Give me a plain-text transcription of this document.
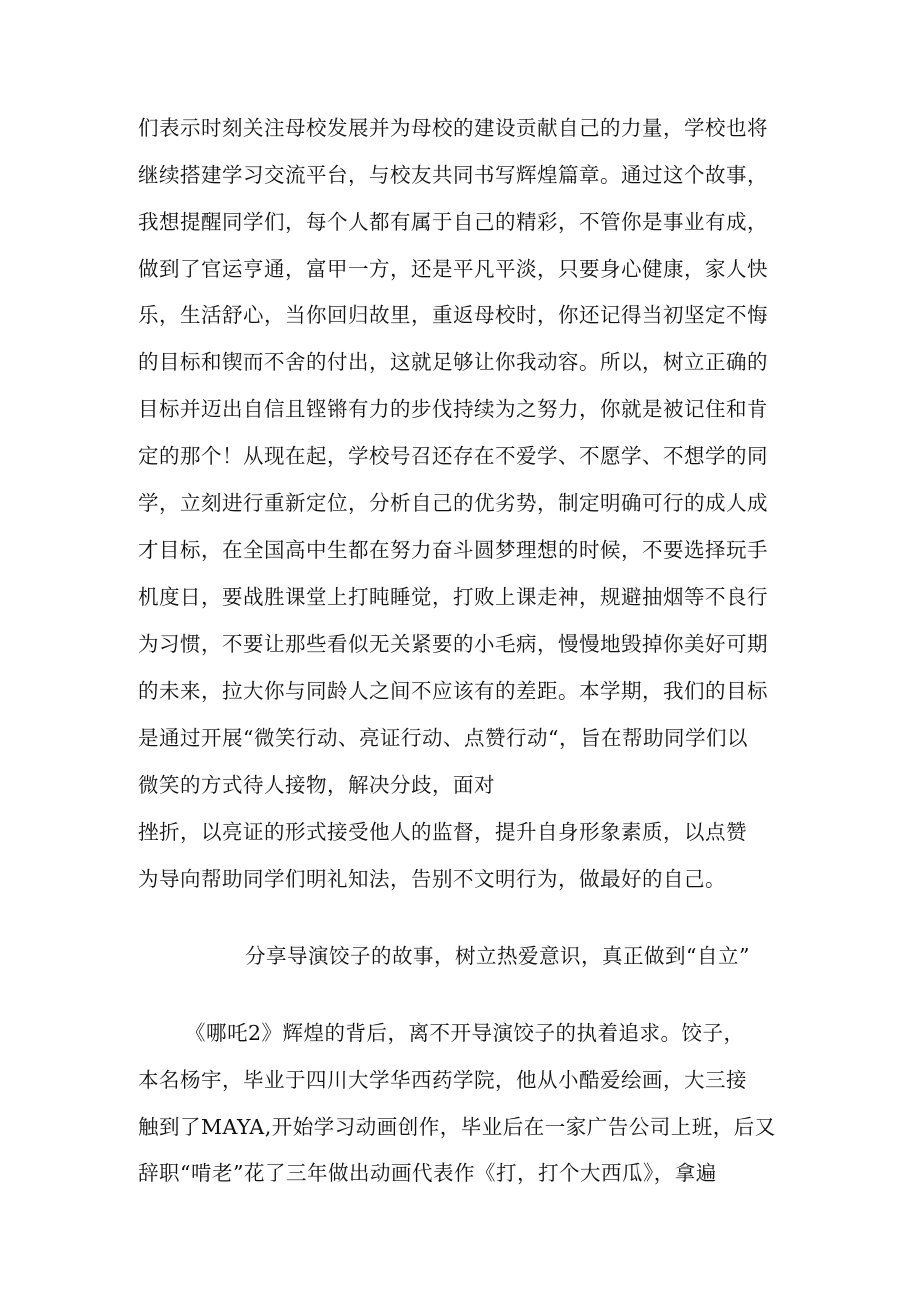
们表示时刻关注母校发展并为母校的建设贡献自己的力量，学校也将
继续搭建学习交流平台，与校友共同书写辉煌篇章。通过这个故事，
我想提醒同学们，每个人都有属于自己的精彩，不管你是事业有成，
做到了官运亨通，富甲一方，还是平凡平淡，只要身心健康，家人快
乐，生活舒心，当你回归故里，重返母校时，你还记得当初坚定不悔
的目标和锲而不舍的付出，这就足够让你我动容。所以，树立正确的
目标并迈出自信且铿锵有力的步伐持续为之努力，你就是被记住和肯
定的那个！从现在起，学校号召还存在不爱学、不愿学、不想学的同
学，立刻进行重新定位，分析自己的优劣势，制定明确可行的成人成
才目标，在全国高中生都在努力奋斗圆梦理想的时候，不要选择玩手
机度日，要战胜课堂上打盹睡觉，打败上课走神，规避抽烟等不良行
为习惯，不要让那些看似无关紧要的小毛病，慢慢地毁掉你美好可期
的未来，拉大你与同龄人之间不应该有的差距。本学期，我们的目标
是通过开展“微笑行动、亮证行动、点赞行动“，旨在帮助同学们以
微笑的方式待人接物，解决分歧，面对
挫折，以亮证的形式接受他人的监督，提升自身形象素质，以点赞
为导向帮助同学们明礼知法，告别不文明行为，做最好的自己。
分享导演饺子的故事，树立热爱意识，真正做到“自立”
《哪吒2》辉煌的背后，离不开导演饺子的执着追求。饺子，
本名杨宇，毕业于四川大学华西药学院，他从小酷爱绘画，大三接
触到了MAYA,开始学习动画创作，毕业后在一家广告公司上班，后又
辞职“啃老”花了三年做出动画代表作《打，打个大西瓜》，拿遍
